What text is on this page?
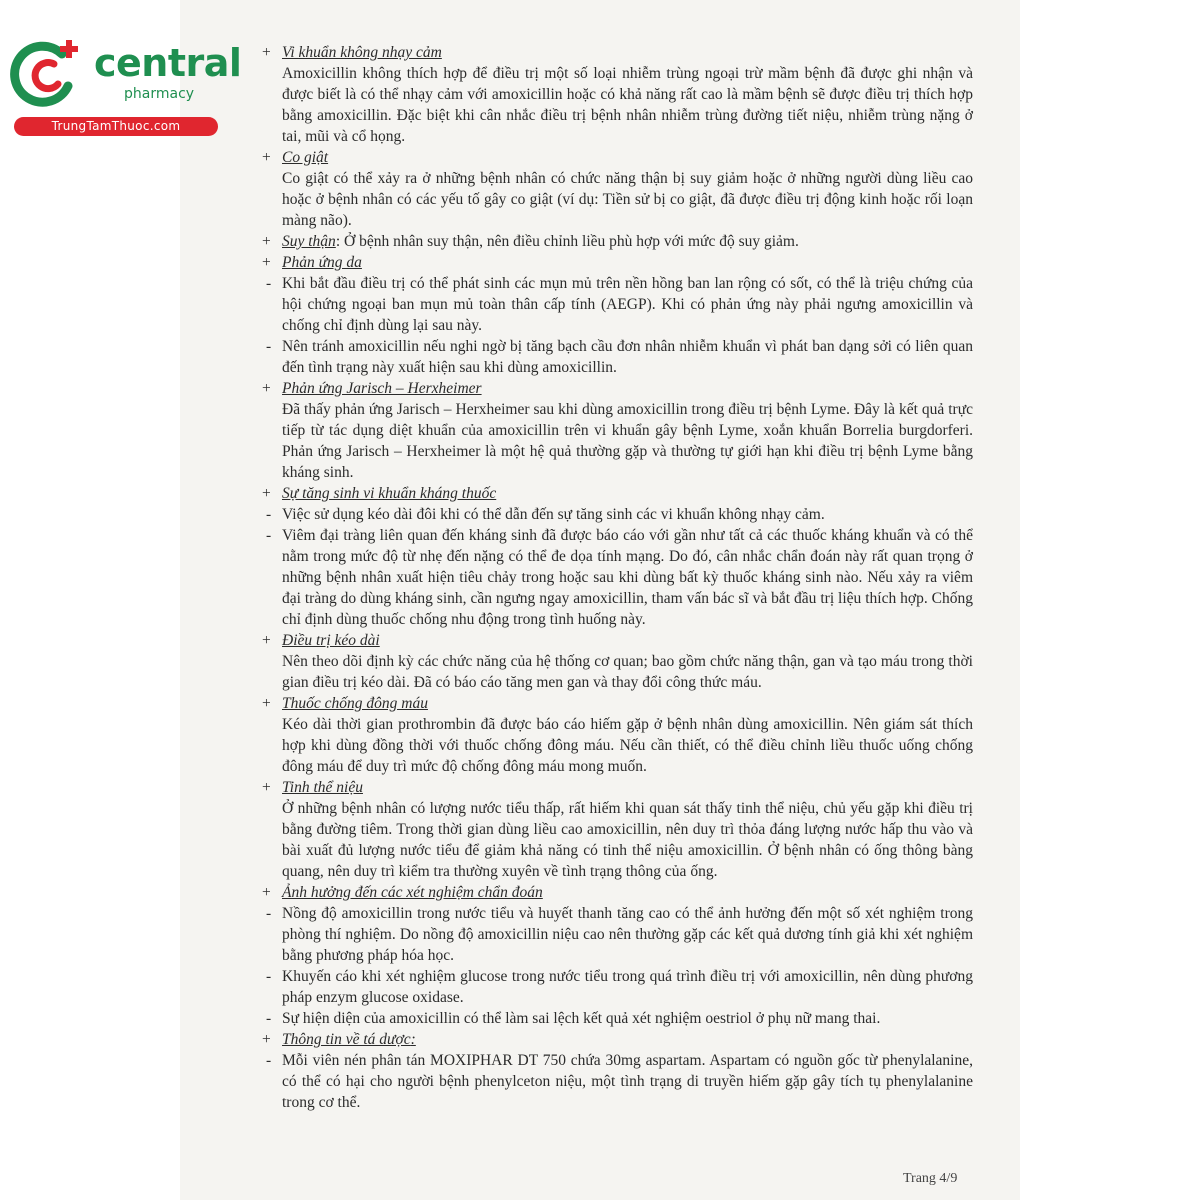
central
pharmacy
TrungTamThuoc.com
+ Vi khuẩn không nhạy cảm
Amoxicillin không thích hợp để điều trị một số loại nhiễm trùng ngoại trừ mầm bệnh đã được ghi nhận và được biết là có thể nhạy cảm với amoxicillin hoặc có khả năng rất cao là mầm bệnh sẽ được điều trị thích hợp bằng amoxicillin. Đặc biệt khi cân nhắc điều trị bệnh nhân nhiễm trùng đường tiết niệu, nhiễm trùng nặng ở tai, mũi và cổ họng.
+ Co giật
Co giật có thể xảy ra ở những bệnh nhân có chức năng thận bị suy giảm hoặc ở những người dùng liều cao hoặc ở bệnh nhân có các yếu tố gây co giật (ví dụ: Tiền sử bị co giật, đã được điều trị động kinh hoặc rối loạn màng não).
+ Suy thận: Ở bệnh nhân suy thận, nên điều chỉnh liều phù hợp với mức độ suy giảm.
+ Phản ứng da
- Khi bắt đầu điều trị có thể phát sinh các mụn mủ trên nền hồng ban lan rộng có sốt, có thể là triệu chứng của hội chứng ngoại ban mụn mủ toàn thân cấp tính (AEGP). Khi có phản ứng này phải ngưng amoxicillin và chống chỉ định dùng lại sau này.
- Nên tránh amoxicillin nếu nghi ngờ bị tăng bạch cầu đơn nhân nhiễm khuẩn vì phát ban dạng sởi có liên quan đến tình trạng này xuất hiện sau khi dùng amoxicillin.
+ Phản ứng Jarisch – Herxheimer
Đã thấy phản ứng Jarisch – Herxheimer sau khi dùng amoxicillin trong điều trị bệnh Lyme. Đây là kết quả trực tiếp từ tác dụng diệt khuẩn của amoxicillin trên vi khuẩn gây bệnh Lyme, xoắn khuẩn Borrelia burgdorferi. Phản ứng Jarisch – Herxheimer là một hệ quả thường gặp và thường tự giới hạn khi điều trị bệnh Lyme bằng kháng sinh.
+ Sự tăng sinh vi khuẩn kháng thuốc
- Việc sử dụng kéo dài đôi khi có thể dẫn đến sự tăng sinh các vi khuẩn không nhạy cảm.
- Viêm đại tràng liên quan đến kháng sinh đã được báo cáo với gần như tất cả các thuốc kháng khuẩn và có thể nằm trong mức độ từ nhẹ đến nặng có thể đe dọa tính mạng. Do đó, cân nhắc chẩn đoán này rất quan trọng ở những bệnh nhân xuất hiện tiêu chảy trong hoặc sau khi dùng bất kỳ thuốc kháng sinh nào. Nếu xảy ra viêm đại tràng do dùng kháng sinh, cần ngưng ngay amoxicillin, tham vấn bác sĩ và bắt đầu trị liệu thích hợp. Chống chỉ định dùng thuốc chống nhu động trong tình huống này.
+ Điều trị kéo dài
Nên theo dõi định kỳ các chức năng của hệ thống cơ quan; bao gồm chức năng thận, gan và tạo máu trong thời gian điều trị kéo dài. Đã có báo cáo tăng men gan và thay đổi công thức máu.
+ Thuốc chống đông máu
Kéo dài thời gian prothrombin đã được báo cáo hiếm gặp ở bệnh nhân dùng amoxicillin. Nên giám sát thích hợp khi dùng đồng thời với thuốc chống đông máu. Nếu cần thiết, có thể điều chỉnh liều thuốc uống chống đông máu để duy trì mức độ chống đông máu mong muốn.
+ Tinh thể niệu
Ở những bệnh nhân có lượng nước tiểu thấp, rất hiếm khi quan sát thấy tinh thể niệu, chủ yếu gặp khi điều trị bằng đường tiêm. Trong thời gian dùng liều cao amoxicillin, nên duy trì thỏa đáng lượng nước hấp thu vào và bài xuất đủ lượng nước tiểu để giảm khả năng có tinh thể niệu amoxicillin. Ở bệnh nhân có ống thông bàng quang, nên duy trì kiểm tra thường xuyên về tình trạng thông của ống.
+ Ảnh hưởng đến các xét nghiệm chẩn đoán
- Nồng độ amoxicillin trong nước tiểu và huyết thanh tăng cao có thể ảnh hưởng đến một số xét nghiệm trong phòng thí nghiệm. Do nồng độ amoxicillin niệu cao nên thường gặp các kết quả dương tính giả khi xét nghiệm bằng phương pháp hóa học.
- Khuyến cáo khi xét nghiệm glucose trong nước tiểu trong quá trình điều trị với amoxicillin, nên dùng phương pháp enzym glucose oxidase.
- Sự hiện diện của amoxicillin có thể làm sai lệch kết quả xét nghiệm oestriol ở phụ nữ mang thai.
+ Thông tin về tá dược:
- Mỗi viên nén phân tán MOXIPHAR DT 750 chứa 30mg aspartam. Aspartam có nguồn gốc từ phenylalanine, có thể có hại cho người bệnh phenylceton niệu, một tình trạng di truyền hiếm gặp gây tích tụ phenylalanine trong cơ thể.
Trang 4/9
